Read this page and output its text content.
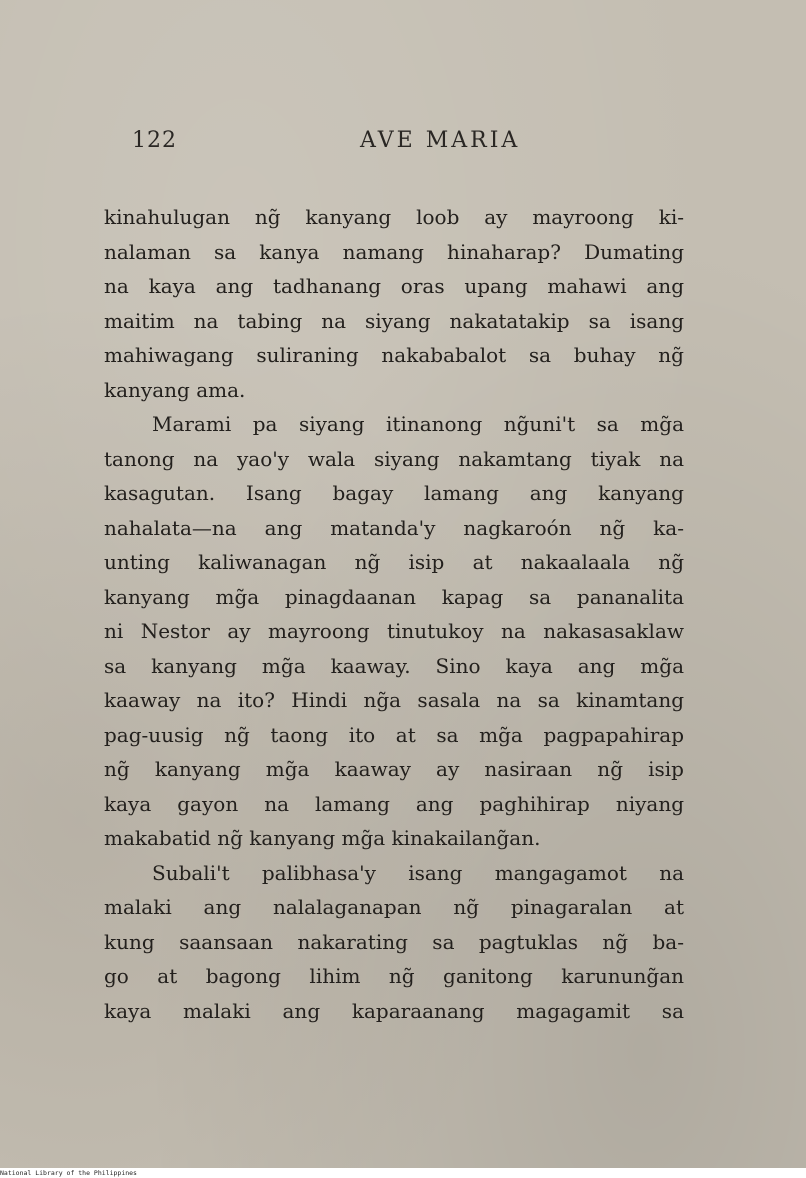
122	AVE MARIA
kinahulugan ng̃ kanyang loob ay mayroong ki-
nalaman sa kanya namang hinaharap? Dumating
na kaya ang tadhanang oras upang mahawi ang
maitim na tabing na siyang nakatatakip sa isang
mahiwagang suliraning nakababalot sa buhay ng̃
kanyang ama.
Marami pa siyang itinanong ng̃uni't sa mg̃a
tanong na yao'y wala siyang nakamtang tiyak na
kasagutan. Isang bagay lamang ang kanyang
nahalata—na ang matanda'y nagkaroón ng̃ ka-
unting kaliwanagan ng̃ isip at nakaalaala ng̃
kanyang mg̃a pinagdaanan kapag sa pananalita
ni Nestor ay mayroong tinutukoy na nakasasaklaw
sa kanyang mg̃a kaaway. Sino kaya ang mg̃a
kaaway na ito? Hindi ng̃a sasala na sa kinamtang
pag-uusig ng̃ taong ito at sa mg̃a pagpapahirap
ng̃ kanyang mg̃a kaaway ay nasiraan ng̃ isip
kaya gayon na lamang ang paghihirap niyang
makabatid ng̃ kanyang mg̃a kinakailang̃an.
Subali't palibhasa'y isang mangagamot na
malaki ang nalalaganapan ng̃ pinagaralan at
kung saansaan nakarating sa pagtuklas ng̃ ba-
go at bagong lihim ng̃ ganitong karunung̃an
kaya malaki ang kaparaanang magagamit sa
National Library of the Philippines
